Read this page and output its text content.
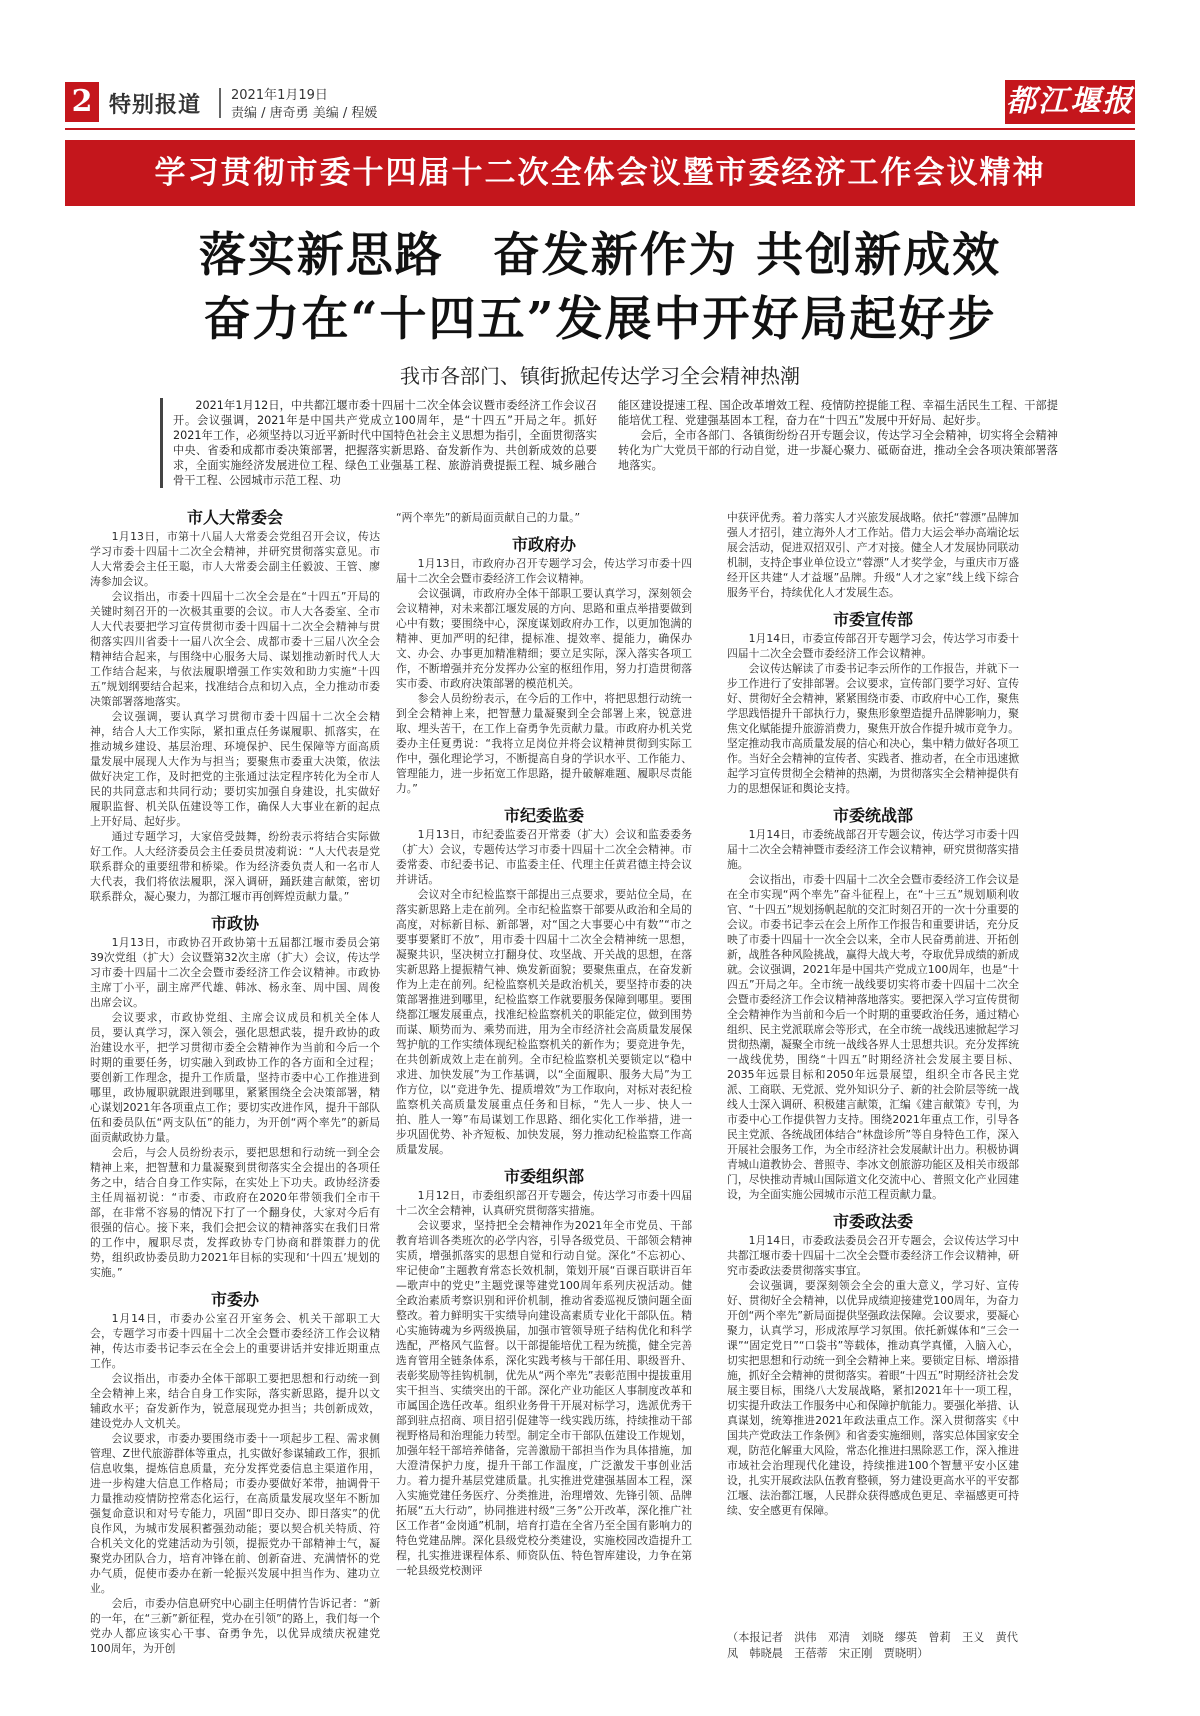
2 特别报道 2021年1月19日
责编 / 唐奇勇 美编 / 程媛	都江堰报
学习贯彻市委十四届十二次全体会议暨市委经济工作会议精神
落实新思路　奋发新作为 共创新成效
奋力在“十四五”发展中开好局起好步
我市各部门、镇街掀起传达学习全会精神热潮

2021年1月12日，中共都江堰市委十四届十二次全体会议暨市委经济工作会议召开。会议强调，2021年是中国共产党成立100周年，是“十四五”开局之年。抓好2021年工作，必须坚持以习近平新时代中国特色社会主义思想为指引，全面贯彻落实中央、省委和成都市委决策部署，把握落实新思路、奋发新作为、共创新成效的总要求，全面实施经济发展进位工程、绿色工业强基工程、旅游消费提振工程、城乡融合骨干工程、公园城市示范工程、功

能区建设提速工程、国企改革增效工程、疫情防控提能工程、幸福生活民生工程、干部提能培优工程、党建强基固本工程，奋力在“十四五”发展中开好局、起好步。

会后，全市各部门、各镇街纷纷召开专题会议，传达学习全会精神，切实将全会精神转化为广大党员干部的行动自觉，进一步凝心聚力、砥砺奋进，推动全会各项决策部署落地落实。

市人大常委会

1月13日，市第十八届人大常委会党组召开会议，传达学习市委十四届十二次全会精神，并研究贯彻落实意见。市人大常委会主任王聪，市人大常委会副主任毅波、王管、廖涛参加会议。

会议指出，市委十四届十二次全会是在“十四五”开局的关键时刻召开的一次极其重要的会议。市人大各委室、全市人大代表要把学习宣传贯彻市委十四届十二次全会精神与贯彻落实四川省委十一届八次全会、成都市委十三届八次全会精神结合起来，与围绕中心服务大局、谋划推动新时代人大工作结合起来，与依法履职增强工作实效和助力实施“十四五”规划纲要结合起来，找准结合点和切入点，全力推动市委决策部署落地落实。

会议强调，要认真学习贯彻市委十四届十二次全会精神，结合人大工作实际，紧扣重点任务谋履职、抓落实，在推动城乡建设、基层治理、环境保护、民生保障等方面高质量发展中展现人大作为与担当；要聚焦市委重大决策，依法做好决定工作，及时把党的主张通过法定程序转化为全市人民的共同意志和共同行动；要切实加强自身建设，扎实做好履职监督、机关队伍建设等工作，确保人大事业在新的起点上开好局、起好步。

通过专题学习，大家倍受鼓舞，纷纷表示将结合实际做好工作。人大经济委员会主任委员贯凌莉说：“人大代表是党联系群众的重要纽带和桥梁。作为经济委负责人和一名市人大代表，我们将依法履职，深入调研，踊跃建言献策，密切联系群众，凝心聚力，为都江堰市再创辉煌贡献力量。”

市政协

1月13日，市政协召开政协第十五届都江堰市委员会第39次党组（扩大）会议暨第32次主席（扩大）会议，传达学习市委十四届十二次全会暨市委经济工作会议精神。市政协主席丁小平，副主席严代雄、韩冰、杨永奎、周中国、周俊出席会议。

会议要求，市政协党组、主席会议成员和机关全体人员，要认真学习，深入领会，强化思想武装，提升政协的政治建设水平，把学习贯彻市委全会精神作为当前和今后一个时期的重要任务，切实融入到政协工作的各方面和全过程；要创新工作理念，提升工作质量，坚持市委中心工作推进到哪里，政协履职就跟进到哪里，紧紧围绕全会决策部署，精心谋划2021年各项重点工作；要切实改进作风，提升干部队伍和委员队伍“两支队伍”的能力，为开创“两个率先”的新局面贡献政协力量。

会后，与会人员纷纷表示，要把思想和行动统一到全会精神上来，把智慧和力量凝聚到贯彻落实全会提出的各项任务之中，结合自身工作实际，在实处上下功夫。政协经济委主任周福初说：“市委、市政府在2020年带领我们全市干部，在非常不容易的情况下打了一个翻身仗，大家对今后有很强的信心。接下来，我们会把会议的精神落实在我们日常的工作中，履职尽责，发挥政协专门协商和群策群力的优势，组织政协委员助力2021年目标的实现和‘十四五’规划的实施。”

市委办

1月14日，市委办公室召开室务会、机关干部职工大会，专题学习市委十四届十二次全会暨市委经济工作会议精神，传达市委书记李云在全会上的重要讲话并安排近期重点工作。

会议指出，市委办全体干部职工要把思想和行动统一到全会精神上来，结合自身工作实际，落实新思路，提升以文辅政水平；奋发新作为，锐意展现党办担当；共创新成效，建设党办人文机关。

会议要求，市委办要围绕市委十一项起步工程、需求侧管理、Z世代旅游群体等重点，扎实做好参谋辅政工作，狠抓信息收集，提炼信息质量，充分发挥党委信息主渠道作用，进一步构建大信息工作格局；市委办要做好苯带，抽调骨干力量推动疫情防控常态化运行，在高质量发展攻坚年不断加强复命意识和对号专能力，巩固“即日交办、即日落实”的优良作风，为城市发展积蓄强劲动能；要以契合机关特质、符合机关文化的党建活动为引领，提振党办干部精神士气，凝聚党办团队合力，培育冲锋在前、创新奋进、充满情怀的党办气质，促使市委办在新一轮振兴发展中担当作为、建功立业。

会后，市委办信息研究中心副主任明倩竹告诉记者：“新的一年，在“三新”新征程，党办在引领”的路上，我们每一个党办人都应该实心干事、奋勇争先，以优异成绩庆祝建党100周年，为开创

“两个率先”的新局面贡献自己的力量。”

市政府办

1月13日，市政府办召开专题学习会，传达学习市委十四届十二次全会暨市委经济工作会议精神。

会议强调，市政府办全体干部职工要认真学习，深刻领会会议精神，对未来都江堰发展的方向、思路和重点举措要做到心中有数；要围绕中心，深度谋划政府办工作，以更加饱满的精神、更加严明的纪律，提标准、提效率、提能力，确保办文、办会、办事更加精准精细；要立足实际，深入落实各项工作，不断增强并充分发挥办公室的枢纽作用，努力打造贯彻落实市委、市政府决策部署的模范机关。

参会人员纷纷表示，在今后的工作中，将把思想行动统一到全会精神上来，把智慧力量凝聚到全会部署上来，锐意进取、埋头苦干，在工作上奋勇争先贡献力量。市政府办机关党委办主任夏勇说：“我将立足岗位并将会议精神贯彻到实际工作中，强化理论学习，不断提高自身的学识水平、工作能力、管理能力，进一步拓宽工作思路，提升破解难题、履职尽责能力。”

市纪委监委

1月13日，市纪委监委召开常委（扩大）会议和监委委务（扩大）会议，专题传达学习市委十四届十二次全会精神。市委常委、市纪委书记、市监委主任、代理主任黄君德主持会议并讲话。

会议对全市纪检监察干部提出三点要求，要站位全局，在落实新思路上走在前列。全市纪检监察干部要从政治和全局的高度，对标新目标、新部署，对“国之大事要心中有数”“市之要事要紧盯不放”，用市委十四届十二次全会精神统一思想，凝聚共识，坚决树立打翻身仗、攻坚战、开关战的思想，在落实新思路上提振精气神、焕发新面貌；要聚焦重点，在奋发新作为上走在前列。纪检监察机关是政治机关，要坚持市委的决策部署推进到哪里，纪检监察工作就要服务保障到哪里。要围绕都江堰发展重点，找准纪检监察机关的职能定位，做到围势而谋、顺势而为、乘势而进，用为全市经济社会高质量发展保驾护航的工作实绩体现纪检监察机关的新作为；要竞进争先，在共创新成效上走在前列。全市纪检监察机关要锁定以“稳中求进、加快发展”为工作基调，以“全面履职、服务大局”为工作方位，以“竞进争先、提质增效”为工作取向，对标对表纪检监察机关高质量发展重点任务和目标，“先人一步、快人一拍、胜人一筹”布局谋划工作思路、细化实化工作举措，进一步巩固优势、补齐短板、加快发展，努力推动纪检监察工作高质量发展。

市委组织部

1月12日，市委组织部召开专题会，传达学习市委十四届十二次全会精神，认真研究贯彻落实措施。

会议要求，坚持把全会精神作为2021年全市党员、干部教育培训各类班次的必学内容，引导各级党员、干部领会精神实质，增强抓落实的思想自觉和行动自觉。深化“不忘初心、牢记使命”主题教育常态长效机制，策划开展“百课百联讲百年—歌声中的党史”主题党课等建党100周年系列庆祝活动。健全政治素质考察识别和评价机制，推动省委巡视反馈问题全面整改。着力鲜明实干实绩导向建设高素质专业化干部队伍。精心实施铸魂为乡两级换届，加强市管领导班子结构优化和科学选配，严格风气监督。以干部提能培优工程为统揽，健全完善选育管用全链条体系，深化实践考核与干部任用、职级晋升、表彰奖励等挂钩机制，优先从“两个率先”表彰范围中提拔重用实干担当、实绩突出的干部。深化产业功能区人事制度改革和市属国企选任改革。组织业务骨干开展对标学习，选派优秀干部到驻点招商、项目招引促建等一线实践历练，持续推动干部视野格局和治理能力转型。制定全市干部队伍建设工作规划，加强年轻干部培养储备，完善激励干部担当作为具体措施，加大澄清保护力度，提升干部工作温度，广泛激发干事创业活力。着力提升基层党建质量。扎实推进党建强基固本工程，深入实施党建任务医疗、分类推进，治理增效、先锋引领、品牌拓展“五大行动”，协同推进村级“三务”公开改革，深化推广社区工作者“金岗通”机制，培育打造在全省乃至全国有影响力的特色党建品牌。深化县级党校分类建设，实施校园改造提升工程，扎实推进课程体系、师资队伍、特色智库建设，力争在第一轮县级党校测评

中获评优秀。着力落实人才兴旅发展战略。依托“蓉漂”品牌加强人才招引，建立海外人才工作站。借力大运会举办高端论坛展会活动，促进双招双引、产才对接。健全人才发展协同联动机制，支持企事业单位设立“蓉漂”人才奖学金，与重庆市万盛经开区共建“人才益堰”品牌。升级“人才之家”线上线下综合服务平台，持续优化人才发展生态。

市委宣传部

1月14日，市委宣传部召开专题学习会，传达学习市委十四届十二次全会暨市委经济工作会议精神。

会议传达解读了市委书记李云所作的工作报告，并就下一步工作进行了安排部署。会议要求，宣传部门要学习好、宣传好、贯彻好全会精神，紧紧围绕市委、市政府中心工作，聚焦学思践悟提升干部执行力，聚焦形象塑造提升品牌影响力，聚焦文化赋能提升旅游消费力，聚焦开放合作提升城市竞争力。坚定推动我市高质量发展的信心和决心，集中精力做好各项工作。当好全会精神的宣传者、实践者、推动者，在全市迅速掀起学习宣传贯彻全会精神的热潮，为贯彻落实全会精神提供有力的思想保证和舆论支持。

市委统战部

1月14日，市委统战部召开专题会议，传达学习市委十四届十二次全会精神暨市委经济工作会议精神，研究贯彻落实措施。

会议指出，市委十四届十二次全会暨市委经济工作会议是在全市实现“两个率先”奋斗征程上，在“十三五”规划顺利收官、“十四五”规划扬帆起航的交汇时刻召开的一次十分重要的会议。市委书记李云在会上所作工作报告和重要讲话，充分反映了市委十四届十一次全会以来，全市人民奋勇前进、开拓创新，战胜各种风险挑战，赢得大战大考，夺取优异成绩的新成就。会议强调，2021年是中国共产党成立100周年，也是“十四五”开局之年。全市统一战线要切实将市委十四届十二次全会暨市委经济工作会议精神落地落实。要把深入学习宣传贯彻全会精神作为当前和今后一个时期的重要政治任务，通过精心组织、民主党派联席会等形式，在全市统一战线迅速掀起学习贯彻热潮，凝聚全市统一战线各界人士思想共识。充分发挥统一战线优势，围绕“十四五”时期经济社会发展主要目标、2035年远景目标和2050年远景展望，组织全市各民主党派、工商联、无党派、党外知识分子、新的社会阶层等统一战线人士深入调研、积极建言献策，汇编《建言献策》专刊，为市委中心工作提供智力支持。围绕2021年重点工作，引导各民主党派、各统战团体结合“林盘诊所”等自身特色工作，深入开展社会服务工作，为全市经济社会发展献计出力。积极协调青城山道教协会、普照寺、李冰文创旅游功能区及相关市级部门，尽快推动青城山国际道文化交流中心、普照文化产业园建设，为全面实施公园城市示范工程贡献力量。

市委政法委

1月14日，市委政法委员会召开专题会，会议传达学习中共都江堰市委十四届十二次全会暨市委经济工作会议精神，研究市委政法委贯彻落实事宜。

会议强调，要深刻领会全会的重大意义，学习好、宣传好、贯彻好全会精神，以优异成绩迎接建党100周年，为奋力开创“两个率先”新局面提供坚强政法保障。会议要求，要凝心聚力，认真学习，形成浓厚学习氛围。依托新媒体和“三会一课”“固定党日”“口袋书”等载体，推动真学真懂，入脑入心，切实把思想和行动统一到全会精神上来。要锁定目标、增添措施，抓好全会精神的贯彻落实。着眼“十四五”时期经济社会发展主要目标，围绕八大发展战略，紧扣2021年十一项工程，切实提升政法工作服务中心和保障护航能力。要强化举措、认真谋划，统筹推进2021年政法重点工作。深入贯彻落实《中国共产党政法工作条例》和省委实施细则，落实总体国家安全观，防范化解重大风险，常态化推进扫黑除恶工作，深入推进市域社会治理现代化建设，持续推进100个智慧平安小区建设，扎实开展政法队伍教育整顿，努力建设更高水平的平安都江堰、法治都江堰，人民群众获得感成色更足、幸福感更可持续、安全感更有保障。

（本报记者　洪伟　邓清　刘晓　缪英　曾莉　王义　黄代凤　韩晓晨　王蓓蒂　宋正刚　贾晓明）
